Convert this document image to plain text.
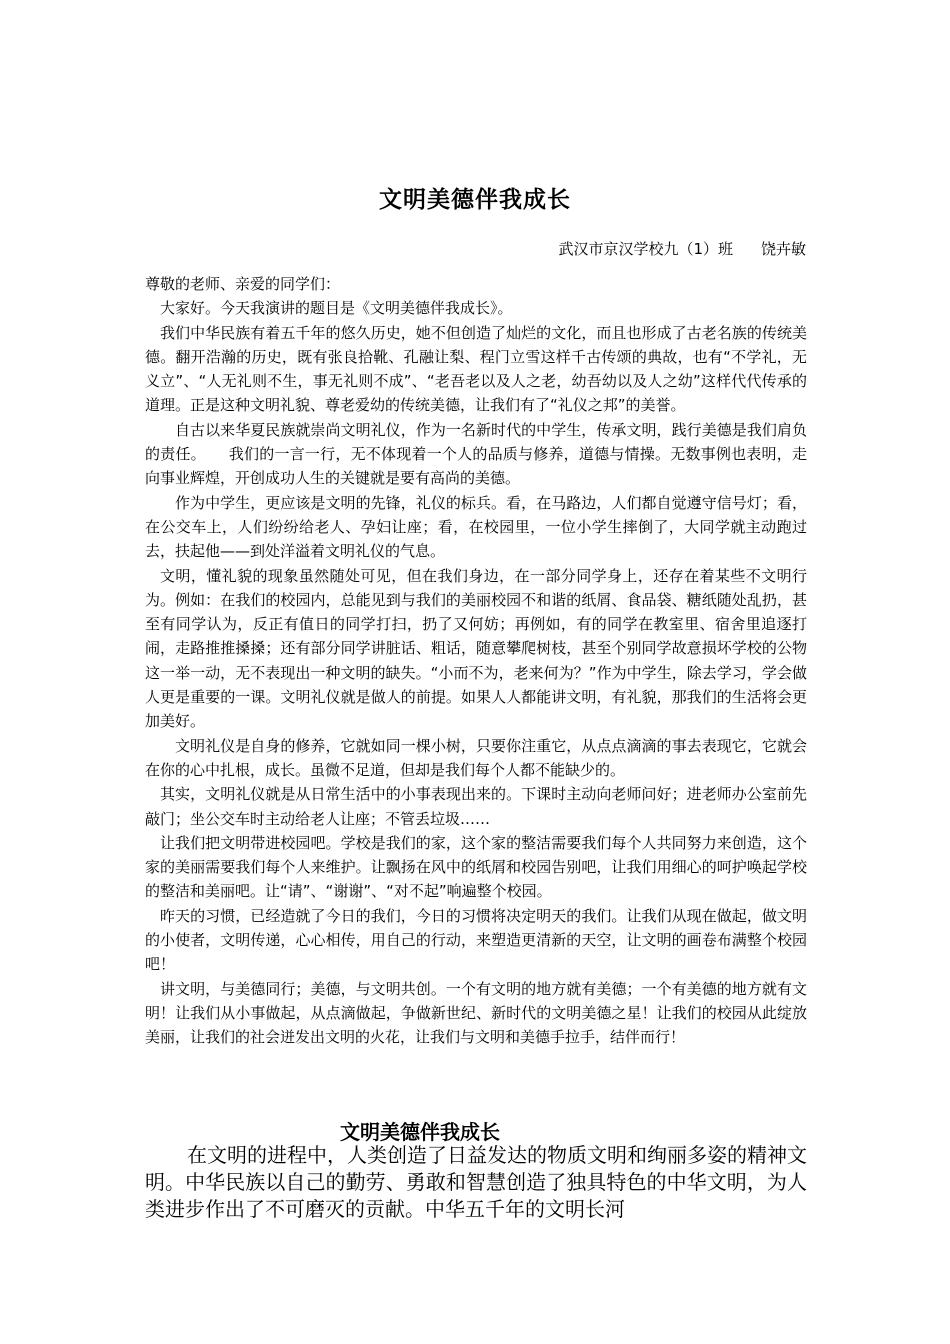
文明美德伴我成长
武汉市京汉学校九（1）班 饶卉敏

尊敬的老师、亲爱的同学们：

大家好。今天我演讲的题目是《文明美德伴我成长》。

我们中华民族有着五千年的悠久历史，她不但创造了灿烂的文化，而且也形成了古老名族的传统美德。翻开浩瀚的历史，既有张良拾靴、孔融让梨、程门立雪这样千古传颂的典故，也有“不学礼，无义立”、“人无礼则不生，事无礼则不成”、“老吾老以及人之老，幼吾幼以及人之幼”这样代代传承的道理。正是这种文明礼貌、尊老爱幼的传统美德，让我们有了“礼仪之邦”的美誉。

自古以来华夏民族就崇尚文明礼仪，作为一名新时代的中学生，传承文明，践行美德是我们肩负的责任。　　我们的一言一行，无不体现着一个人的品质与修养，道德与情操。无数事例也表明，走向事业辉煌，开创成功人生的关键就是要有高尚的美德。

作为中学生，更应该是文明的先锋，礼仪的标兵。看，在马路边，人们都自觉遵守信号灯；看，在公交车上，人们纷纷给老人、孕妇让座；看，在校园里，一位小学生摔倒了，大同学就主动跑过去，扶起他——到处洋溢着文明礼仪的气息。

文明，懂礼貌的现象虽然随处可见，但在我们身边，在一部分同学身上，还存在着某些不文明行为。例如：在我们的校园内，总能见到与我们的美丽校园不和谐的纸屑、食品袋、糖纸随处乱扔，甚至有同学认为，反正有值日的同学打扫，扔了又何妨；再例如，有的同学在教室里、宿舍里追逐打闹，走路推推搡搡；还有部分同学讲脏话、粗话，随意攀爬树枝，甚至个别同学故意损坏学校的公物这一举一动，无不表现出一种文明的缺失。“小而不为，老来何为？”作为中学生，除去学习，学会做人更是重要的一课。文明礼仪就是做人的前提。如果人人都能讲文明，有礼貌，那我们的生活将会更加美好。

文明礼仪是自身的修养，它就如同一棵小树，只要你注重它，从点点滴滴的事去表现它，它就会在你的心中扎根，成长。虽微不足道，但却是我们每个人都不能缺少的。

其实，文明礼仪就是从日常生活中的小事表现出来的。下课时主动向老师问好；进老师办公室前先敲门；坐公交车时主动给老人让座；不管丢垃圾……

让我们把文明带进校园吧。学校是我们的家，这个家的整洁需要我们每个人共同努力来创造，这个家的美丽需要我们每个人来维护。让飘扬在风中的纸屑和校园告别吧，让我们用细心的呵护唤起学校的整洁和美丽吧。让“请”、“谢谢”、“对不起”响遍整个校园。

昨天的习惯，已经造就了今日的我们，今日的习惯将决定明天的我们。让我们从现在做起，做文明的小使者，文明传递，心心相传，用自己的行动，来塑造更清新的天空，让文明的画卷布满整个校园吧！

讲文明，与美德同行；美德，与文明共创。一个有文明的地方就有美德；一个有美德的地方就有文明！让我们从小事做起，从点滴做起，争做新世纪、新时代的文明美德之星！让我们的校园从此绽放美丽，让我们的社会迸发出文明的火花，让我们与文明和美德手拉手，结伴而行！

文明美德伴我成长

在文明的进程中，人类创造了日益发达的物质文明和绚丽多姿的精神文明。中华民族以自己的勤劳、勇敢和智慧创造了独具特色的中华文明，为人类进步作出了不可磨灭的贡献。中华五千年的文明长河
